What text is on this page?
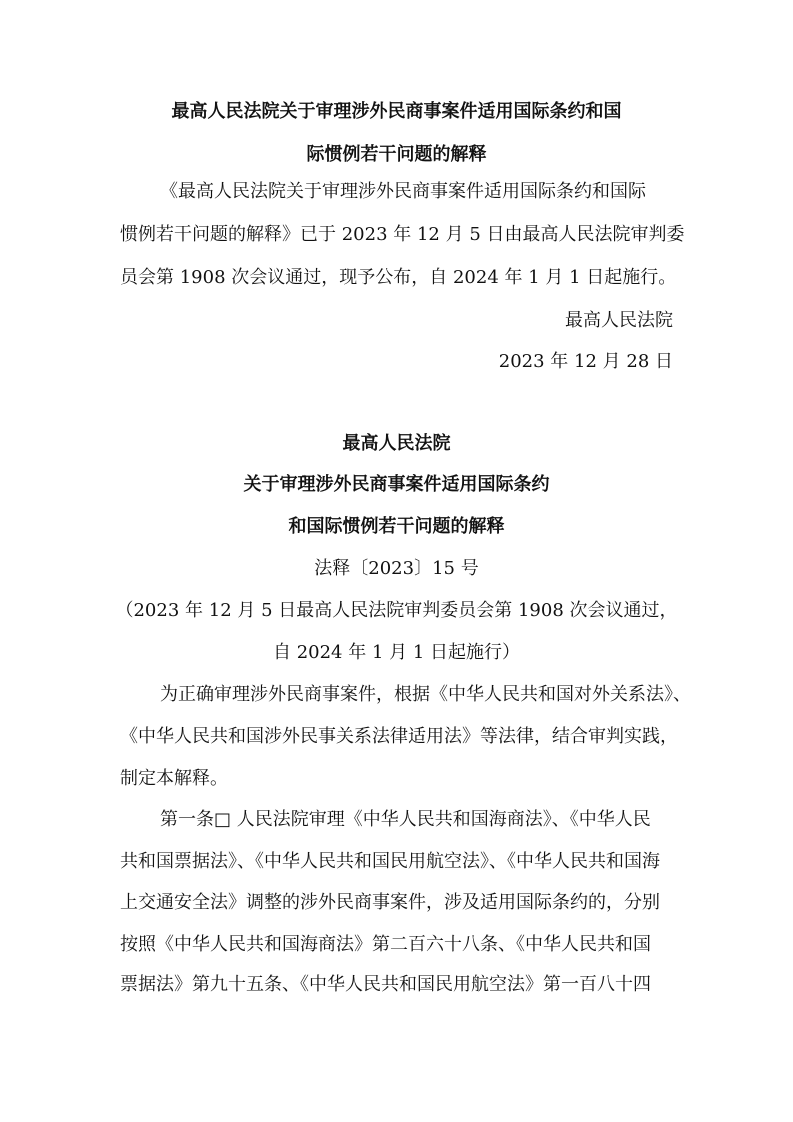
最高人民法院关于审理涉外民商事案件适用国际条约和国
际惯例若干问题的解释
《最高人民法院关于审理涉外民商事案件适用国际条约和国际
惯例若干问题的解释》已于 2023 年 12 月 5 日由最高人民法院审判委
员会第 1908 次会议通过，现予公布，自 2024 年 1 月 1 日起施行。
最高人民法院
2023 年 12 月 28 日
最高人民法院
关于审理涉外民商事案件适用国际条约
和国际惯例若干问题的解释
法释〔2023〕15 号
（2023 年 12 月 5 日最高人民法院审判委员会第 1908 次会议通过，
自 2024 年 1 月 1 日起施行）
为正确审理涉外民商事案件，根据《中华人民共和国对外关系法》、
《中华人民共和国涉外民事关系法律适用法》等法律，结合审判实践，
制定本解释。
第一条□ 人民法院审理《中华人民共和国海商法》、《中华人民
共和国票据法》、《中华人民共和国民用航空法》、《中华人民共和国海
上交通安全法》调整的涉外民商事案件，涉及适用国际条约的，分别
按照《中华人民共和国海商法》第二百六十八条、《中华人民共和国
票据法》第九十五条、《中华人民共和国民用航空法》第一百八十四
